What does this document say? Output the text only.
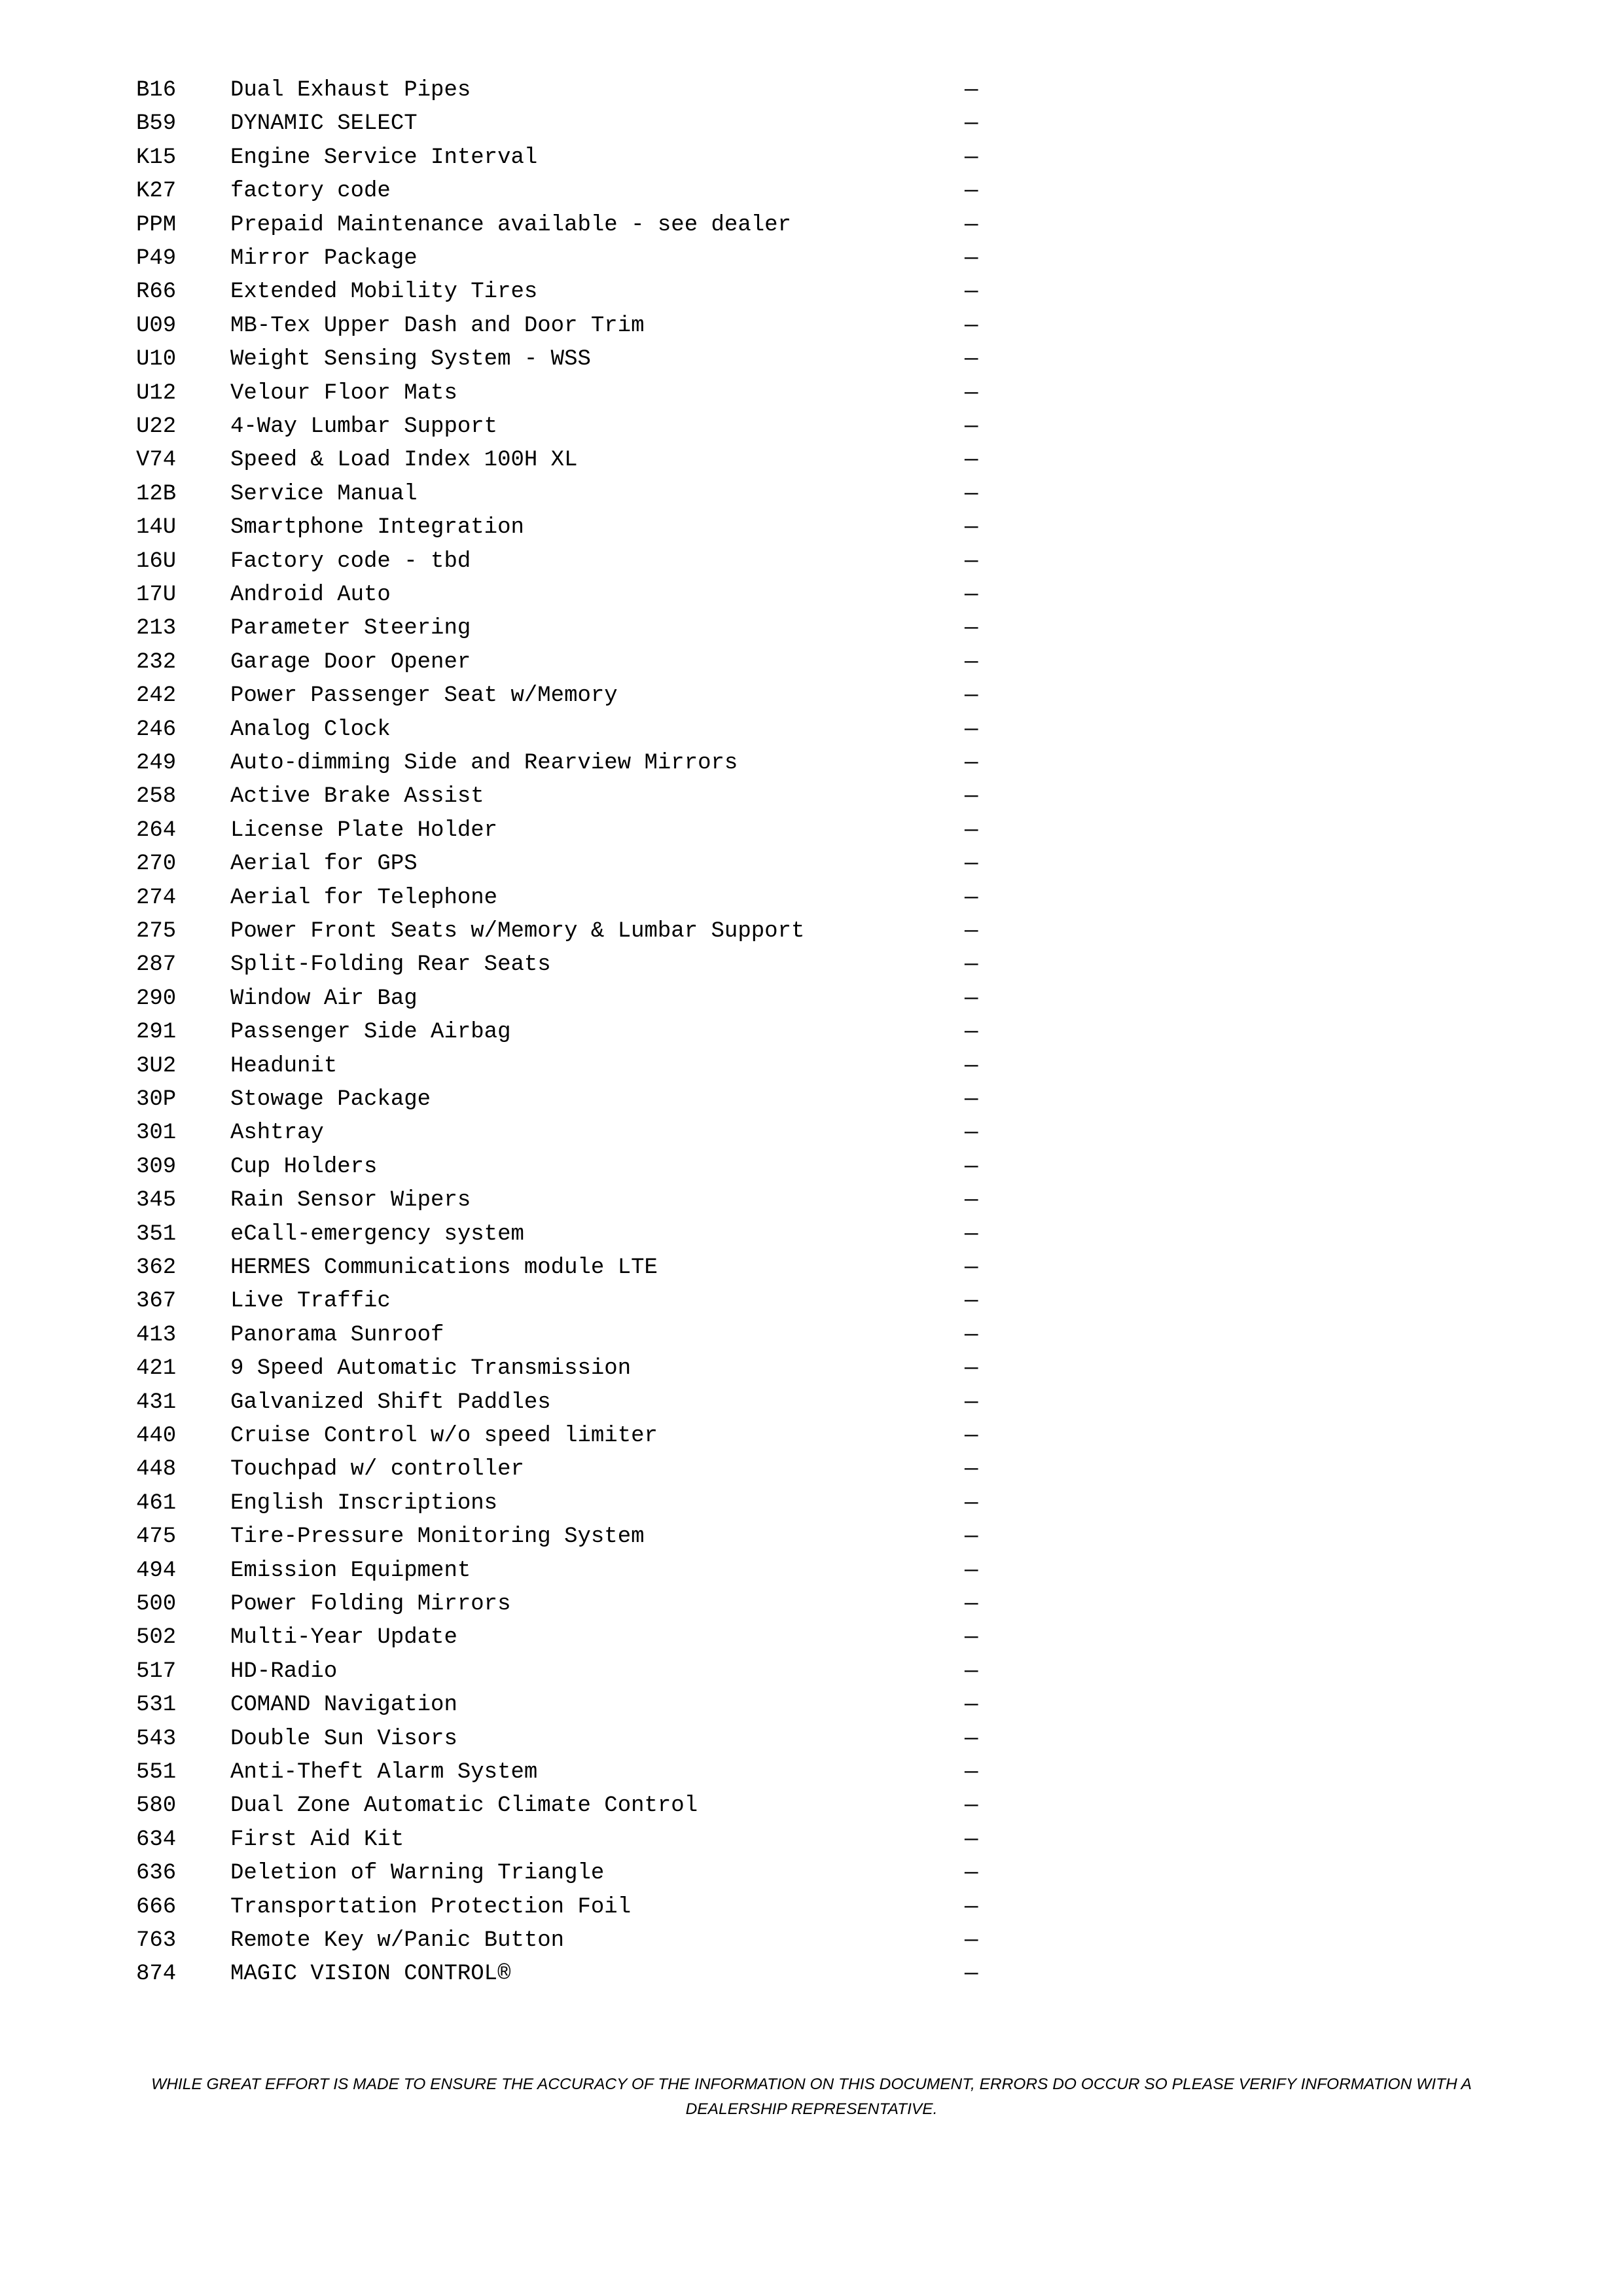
B16 Dual Exhaust Pipes	—
B59 DYNAMIC SELECT	—
K15 Engine Service Interval	—
K27 factory code	—
PPM Prepaid Maintenance available - see dealer	—
P49 Mirror Package	—
R66 Extended Mobility Tires	—
U09 MB-Tex Upper Dash and Door Trim	—
U10 Weight Sensing System - WSS	—
U12 Velour Floor Mats	—
U22 4-Way Lumbar Support	—
V74 Speed & Load Index 100H XL	—
12B Service Manual	—
14U Smartphone Integration	—
16U Factory code - tbd	—
17U Android Auto	—
213 Parameter Steering	—
232 Garage Door Opener	—
242 Power Passenger Seat w/Memory	—
246 Analog Clock	—
249 Auto-dimming Side and Rearview Mirrors	—
258 Active Brake Assist	—
264 License Plate Holder	—
270 Aerial for GPS	—
274 Aerial for Telephone	—
275 Power Front Seats w/Memory & Lumbar Support	—
287 Split-Folding Rear Seats	—
290 Window Air Bag	—
291 Passenger Side Airbag	—
3U2 Headunit	—
30P Stowage Package	—
301 Ashtray	—
309 Cup Holders	—
345 Rain Sensor Wipers	—
351 eCall-emergency system	—
362 HERMES Communications module LTE	—
367 Live Traffic	—
413 Panorama Sunroof	—
421 9 Speed Automatic Transmission	—
431 Galvanized Shift Paddles	—
440 Cruise Control w/o speed limiter	—
448 Touchpad w/ controller	—
461 English Inscriptions	—
475 Tire-Pressure Monitoring System	—
494 Emission Equipment	—
500 Power Folding Mirrors	—
502 Multi-Year Update	—
517 HD-Radio	—
531 COMAND Navigation	—
543 Double Sun Visors	—
551 Anti-Theft Alarm System	—
580 Dual Zone Automatic Climate Control	—
634 First Aid Kit	—
636 Deletion of Warning Triangle	—
666 Transportation Protection Foil	—
763 Remote Key w/Panic Button	—
874 MAGIC VISION CONTROL®	—
WHILE GREAT EFFORT IS MADE TO ENSURE THE ACCURACY OF THE INFORMATION ON THIS DOCUMENT, ERRORS DO OCCUR SO PLEASE VERIFY INFORMATION WITH A
DEALERSHIP REPRESENTATIVE.
